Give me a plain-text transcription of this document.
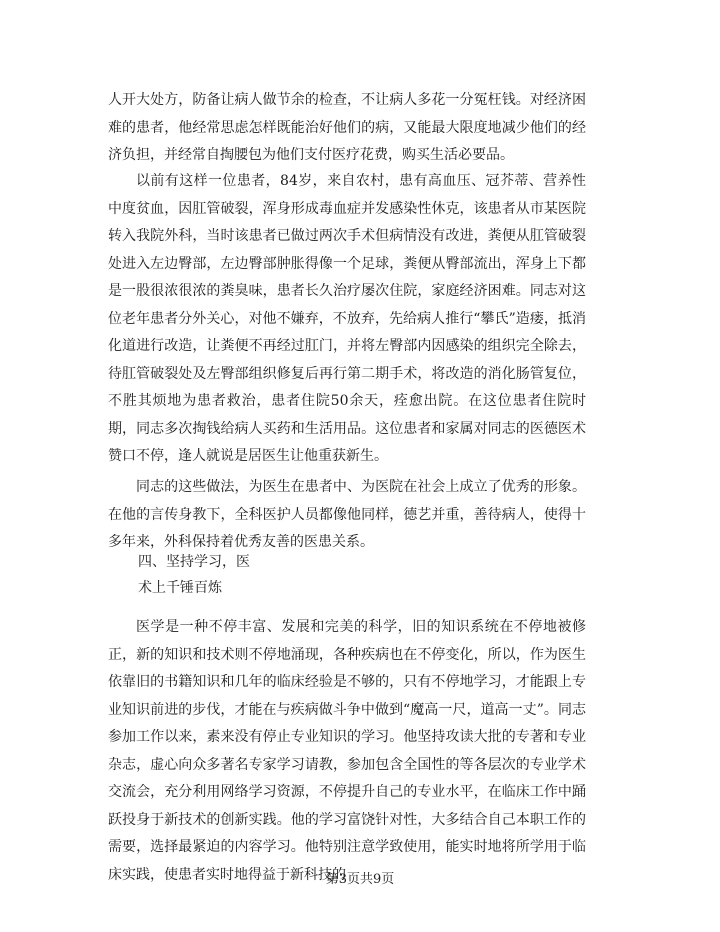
人开大处方，防备让病人做节余的检查，不让病人多花一分冤枉钱。对经济困难的患者，他经常思虑怎样既能治好他们的病，又能最大限度地减少他们的经济负担，并经常自掏腰包为他们支付医疗花费，购买生活必要品。

以前有这样一位患者，84岁，来自农村，患有高血压、冠芥蒂、营养性中度贫血，因肛管破裂，浑身形成毒血症并发感染性休克，该患者从市某医院转入我院外科，当时该患者已做过两次手术但病情没有改进，粪便从肛管破裂处进入左边臀部，左边臀部肿胀得像一个足球，粪便从臀部流出，浑身上下都是一股很浓很浓的粪臭味，患者长久治疗屡次住院，家庭经济困难。同志对这位老年患者分外关心，对他不嫌弃，不放弃，先给病人推行“攀氏”造瘘，抵消化道进行改造，让粪便不再经过肛门，并将左臀部内因感染的组织完全除去，待肛管破裂处及左臀部组织修复后再行第二期手术，将改造的消化肠管复位，不胜其烦地为患者救治，患者住院50余天，痊愈出院。在这位患者住院时期，同志多次掏钱给病人买药和生活用品。这位患者和家属对同志的医德医术赞口不停，逢人就说是居医生让他重获新生。

同志的这些做法，为医生在患者中、为医院在社会上成立了优秀的形象。在他的言传身教下，全科医护人员都像他同样，德艺并重，善待病人，使得十多年来，外科保持着优秀友善的医患关系。

四、坚持学习，医

术上千锤百炼

医学是一种不停丰富、发展和完美的科学，旧的知识系统在不停地被修正，新的知识和技术则不停地涌现，各种疾病也在不停变化，所以，作为医生依靠旧的书籍知识和几年的临床经验是不够的，只有不停地学习，才能跟上专业知识前进的步伐，才能在与疾病做斗争中做到“魔高一尺，道高一丈”。同志参加工作以来，素来没有停止专业知识的学习。他坚持攻读大批的专著和专业杂志，虚心向众多著名专家学习请教，参加包含全国性的等各层次的专业学术交流会，充分利用网络学习资源，不停提升自己的专业水平，在临床工作中踊跃投身于新技术的创新实践。他的学习富饶针对性，大多结合自己本职工作的需要，选择最紧迫的内容学习。他特别注意学致使用，能实时地将所学用于临床实践，使患者实时地得益于新科技的

第3页共9页
